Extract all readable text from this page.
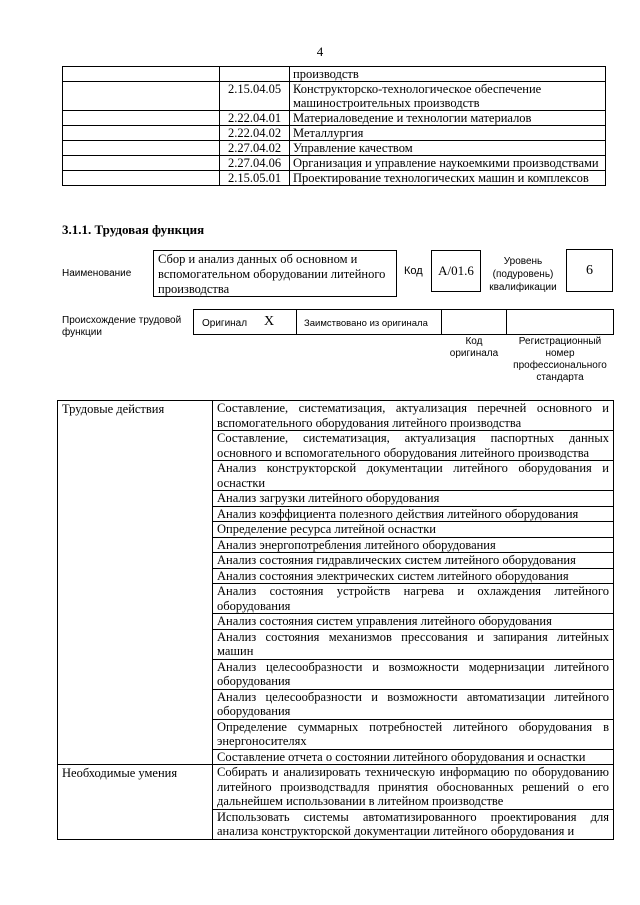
4
		производств
	2.15.04.05	Конструкторско-технологическое обеспечение машиностроительных производств
	2.22.04.01	Материаловедение и технологии материалов
	2.22.04.02	Металлургия
	2.27.04.02	Управление качеством
	2.27.04.06	Организация и управление наукоемкими производствами
	2.15.05.01	Проектирование технологических машин и комплексов
3.1.1. Трудовая функция
Наименование
Сбор и анализ данных об основном и вспомогательном оборудовании литейного производства
Код	A/01.6
Уровень (подуровень) квалификации
6
Происхождение трудовой функции
Оригинал X	Заимствовано из оригинала
Код оригинала
Регистрационный номер профессионального стандарта
Трудовые действия	Составление, систематизация, актуализация перечней основного и вспомогательного оборудования литейного производства
	Составление, систематизация, актуализация паспортных данных основного и вспомогательного оборудования литейного производства
	Анализ конструкторской документации литейного оборудования и оснастки
	Анализ загрузки литейного оборудования
	Анализ коэффициента полезного действия литейного оборудования
	Определение ресурса литейной оснастки
	Анализ энергопотребления литейного оборудования
	Анализ состояния гидравлических систем литейного оборудования
	Анализ состояния электрических систем литейного оборудования
	Анализ состояния устройств нагрева и охлаждения литейного оборудования
	Анализ состояния систем управления литейного оборудования
	Анализ состояния механизмов прессования и запирания литейных машин
	Анализ целесообразности и возможности модернизации литейного оборудования
	Анализ целесообразности и возможности автоматизации литейного оборудования
	Определение суммарных потребностей литейного оборудования в энергоносителях
	Составление отчета о состоянии литейного оборудования и оснастки
Необходимые умения	Собирать и анализировать техническую информацию по оборудованию литейного производствадля принятия обоснованных решений о его дальнейшем использовании в литейном производстве
	Использовать системы автоматизированного проектирования для анализа конструкторской документации литейного оборудования и
